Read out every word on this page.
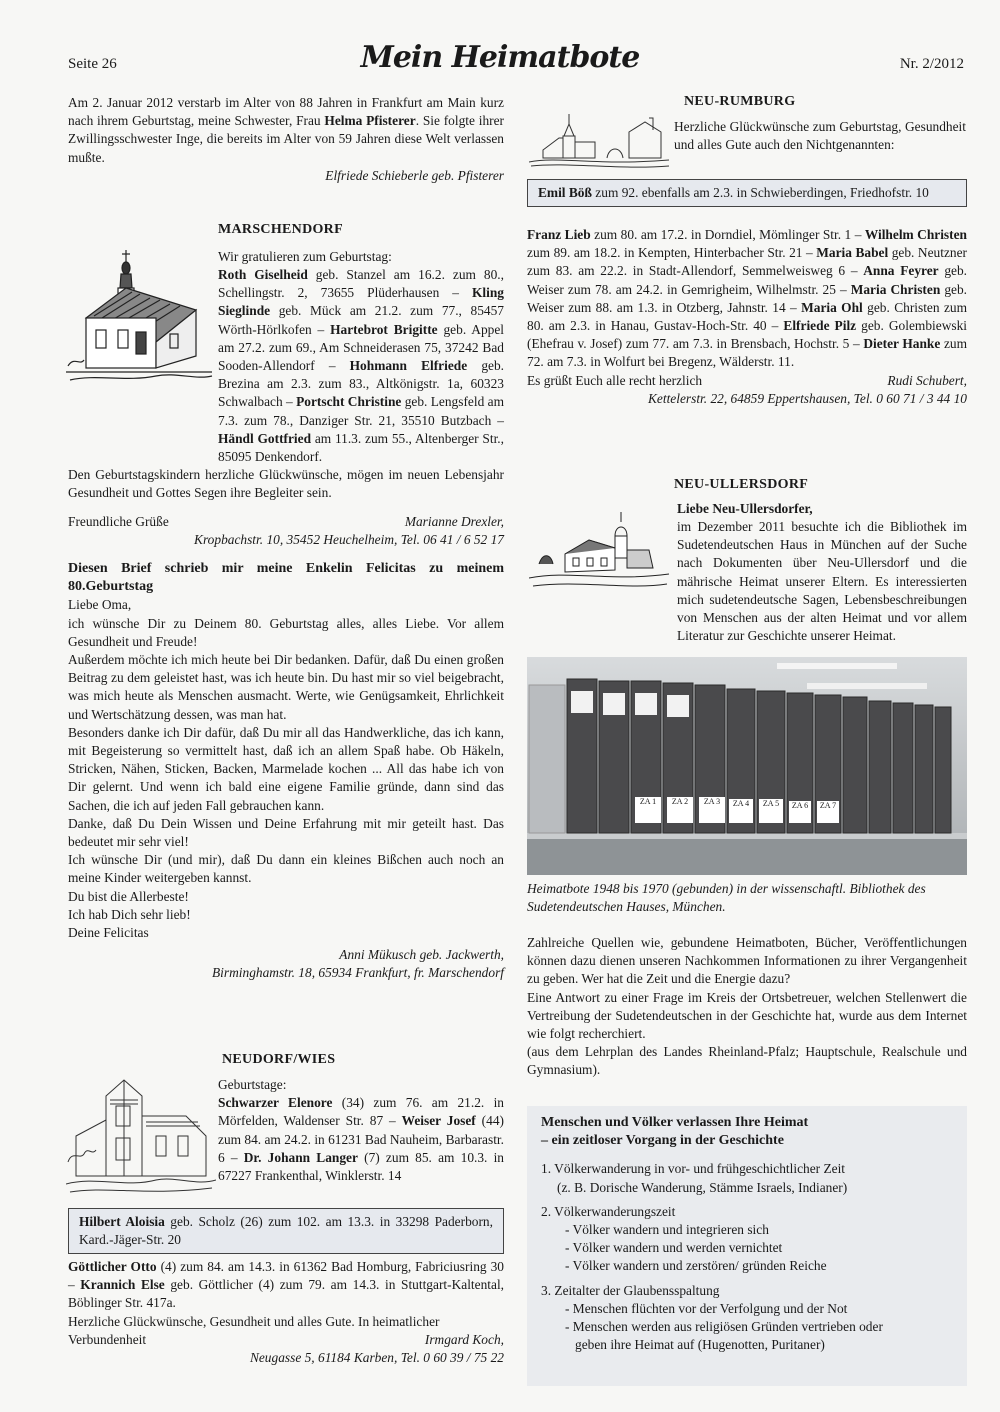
Seite 26	Mein Heimatbote	Nr. 2/2012

Am 2. Januar 2012 verstarb im Alter von 88 Jahren in Frankfurt am Main kurz nach ihrem Geburtstag, meine Schwester, Frau Helma Pfisterer. Sie folgte ihrer Zwillingsschwester Inge, die bereits im Alter von 59 Jahren diese Welt verlassen mußte.

Elfriede Schieberle geb. Pfisterer

MARSCHENDORF

Wir gratulieren zum Geburtstag:

Roth Giselheid geb. Stanzel am 16.2. zum 80., Schellingstr. 2, 73655 Plüderhausen – Kling Sieglinde geb. Mück am 21.2. zum 77., 85457 Wörth-Hörlkofen – Hartebrot Brigitte geb. Appel am 27.2. zum 69., Am Schneiderasen 75, 37242 Bad Sooden-Allendorf – Hohmann Elfriede geb. Brezina am 2.3. zum 83., Altkönigstr. 1a, 60323 Schwalbach – Portscht Christine geb. Lengsfeld am 7.3. zum 78., Danziger Str. 21, 35510 Butzbach – Händl Gottfried am 11.3. zum 55., Altenberger Str., 85095 Denkendorf.

Den Geburtstagskindern herzliche Glückwünsche, mögen im neuen Lebensjahr Gesundheit und Gottes Segen ihre Begleiter sein.

Freundliche Grüße	Marianne Drexler,

Kropbachstr. 10, 35452 Heuchelheim, Tel. 06 41 / 6 52 17

Diesen Brief schrieb mir meine Enkelin Felicitas zu meinem 80.Geburtstag

Liebe Oma,

ich wünsche Dir zu Deinem 80. Geburtstag alles, alles Liebe. Vor allem Gesundheit und Freude!

Außerdem möchte ich mich heute bei Dir bedanken. Dafür, daß Du einen großen Beitrag zu dem geleistet hast, was ich heute bin. Du hast mir so viel beigebracht, was mich heute als Menschen ausmacht. Werte, wie Genügsamkeit, Ehrlichkeit und Wertschätzung dessen, was man hat.

Besonders danke ich Dir dafür, daß Du mir all das Handwerkliche, das ich kann, mit Begeisterung so vermittelt hast, daß ich an allem Spaß habe. Ob Häkeln, Stricken, Nähen, Sticken, Backen, Marmelade kochen ... All das habe ich von Dir gelernt. Und wenn ich bald eine eigene Familie gründe, dann sind das Sachen, die ich auf jeden Fall gebrauchen kann.

Danke, daß Du Dein Wissen und Deine Erfahrung mit mir geteilt hast. Das bedeutet mir sehr viel!

Ich wünsche Dir (und mir), daß Du dann ein kleines Bißchen auch noch an meine Kinder weitergeben kannst.

Du bist die Allerbeste!

Ich hab Dich sehr lieb!

Deine Felicitas

Anni Mükusch geb. Jackwerth,

Birminghamstr. 18, 65934 Frankfurt, fr. Marschendorf

NEUDORF/WIES

Geburtstage:

Schwarzer Elenore (34) zum 76. am 21.2. in Mörfelden, Waldenser Str. 87 – Weiser Josef (44) zum 84. am 24.2. in 61231 Bad Nauheim, Barbarastr. 6 – Dr. Johann Langer (7) zum 85. am 10.3. in 67227 Frankenthal, Winklerstr. 14

Hilbert Aloisia geb. Scholz (26) zum 102. am 13.3. in 33298 Paderborn, Kard.-Jäger-Str. 20

Göttlicher Otto (4) zum 84. am 14.3. in 61362 Bad Homburg, Fabriciusring 30 – Krannich Else geb. Göttlicher (4) zum 79. am 14.3. in Stuttgart-Kaltental, Böblinger Str. 417a.

Herzliche Glückwünsche, Gesundheit und alles Gute. In heimatlicher

Verbundenheit	Irmgard Koch,

Neugasse 5, 61184 Karben, Tel. 0 60 39 / 75 22

NEU-RUMBURG

Herzliche Glückwünsche zum Geburtstag, Gesundheit und alles Gute auch den Nichtgenannten:

Emil Böß zum 92. ebenfalls am 2.3. in Schwieberdingen, Friedhofstr. 10

Franz Lieb zum 80. am 17.2. in Dorndiel, Mömlinger Str. 1 – Wilhelm Christen zum 89. am 18.2. in Kempten, Hinterbacher Str. 21 – Maria Babel geb. Neutzner zum 83. am 22.2. in Stadt-Allendorf, Semmelweisweg 6 – Anna Feyrer geb. Weiser zum 78. am 24.2. in Gemrigheim, Wilhelmstr. 25 – Maria Christen geb. Weiser zum 88. am 1.3. in Otzberg, Jahnstr. 14 – Maria Ohl geb. Christen zum 80. am 2.3. in Hanau, Gustav-Hoch-Str. 40 – Elfriede Pilz geb. Golembiewski (Ehefrau v. Josef) zum 77. am 7.3. in Brensbach, Hochstr. 5 – Dieter Hanke zum 72. am 7.3. in Wolfurt bei Bregenz, Wälderstr. 11.

Es grüßt Euch alle recht herzlich	Rudi Schubert,

Kettelerstr. 22, 64859 Eppertshausen, Tel. 0 60 71 / 3 44 10

NEU-ULLERSDORF

Liebe Neu-Ullersdorfer,

im Dezember 2011 besuchte ich die Bibliothek im Sudetendeutschen Haus in München auf der Suche nach Dokumenten über Neu-Ullersdorf und die mährische Heimat unserer Eltern. Es interessierten mich sudetendeutsche Sagen, Lebensbeschreibungen von Menschen aus der alten Heimat und vor allem Literatur zur Geschichte unserer Heimat.

ZA 1	ZA 2	ZA 3	ZA 4	ZA 5	ZA 6	ZA 7
Heimatbote 1948 bis 1970 (gebunden) in der wissenschaftl. Bibliothek des Sudetendeutschen Hauses, München.

Zahlreiche Quellen wie, gebundene Heimatboten, Bücher, Veröffentlichungen können dazu dienen unseren Nachkommen Informationen zu ihrer Vergangenheit zu geben. Wer hat die Zeit und die Energie dazu?

Eine Antwort zu einer Frage im Kreis der Ortsbetreuer, welchen Stellenwert die Vertreibung der Sudetendeutschen in der Geschichte hat, wurde aus dem Internet wie folgt recherchiert.

(aus dem Lehrplan des Landes Rheinland-Pfalz; Hauptschule, Realschule und Gymnasium).

Menschen und Völker verlassen Ihre Heimat

– ein zeitloser Vorgang in der Geschichte

1. Völkerwanderung in vor- und frühgeschichtlicher Zeit

(z. B. Dorische Wanderung, Stämme Israels, Indianer)

2. Völkerwanderungszeit

- Völker wandern und integrieren sich

- Völker wandern und werden vernichtet

- Völker wandern und zerstören/ gründen Reiche

3. Zeitalter der Glaubensspaltung

- Menschen flüchten vor der Verfolgung und der Not

- Menschen werden aus religiösen Gründen vertrieben oder

geben ihre Heimat auf (Hugenotten, Puritaner)
